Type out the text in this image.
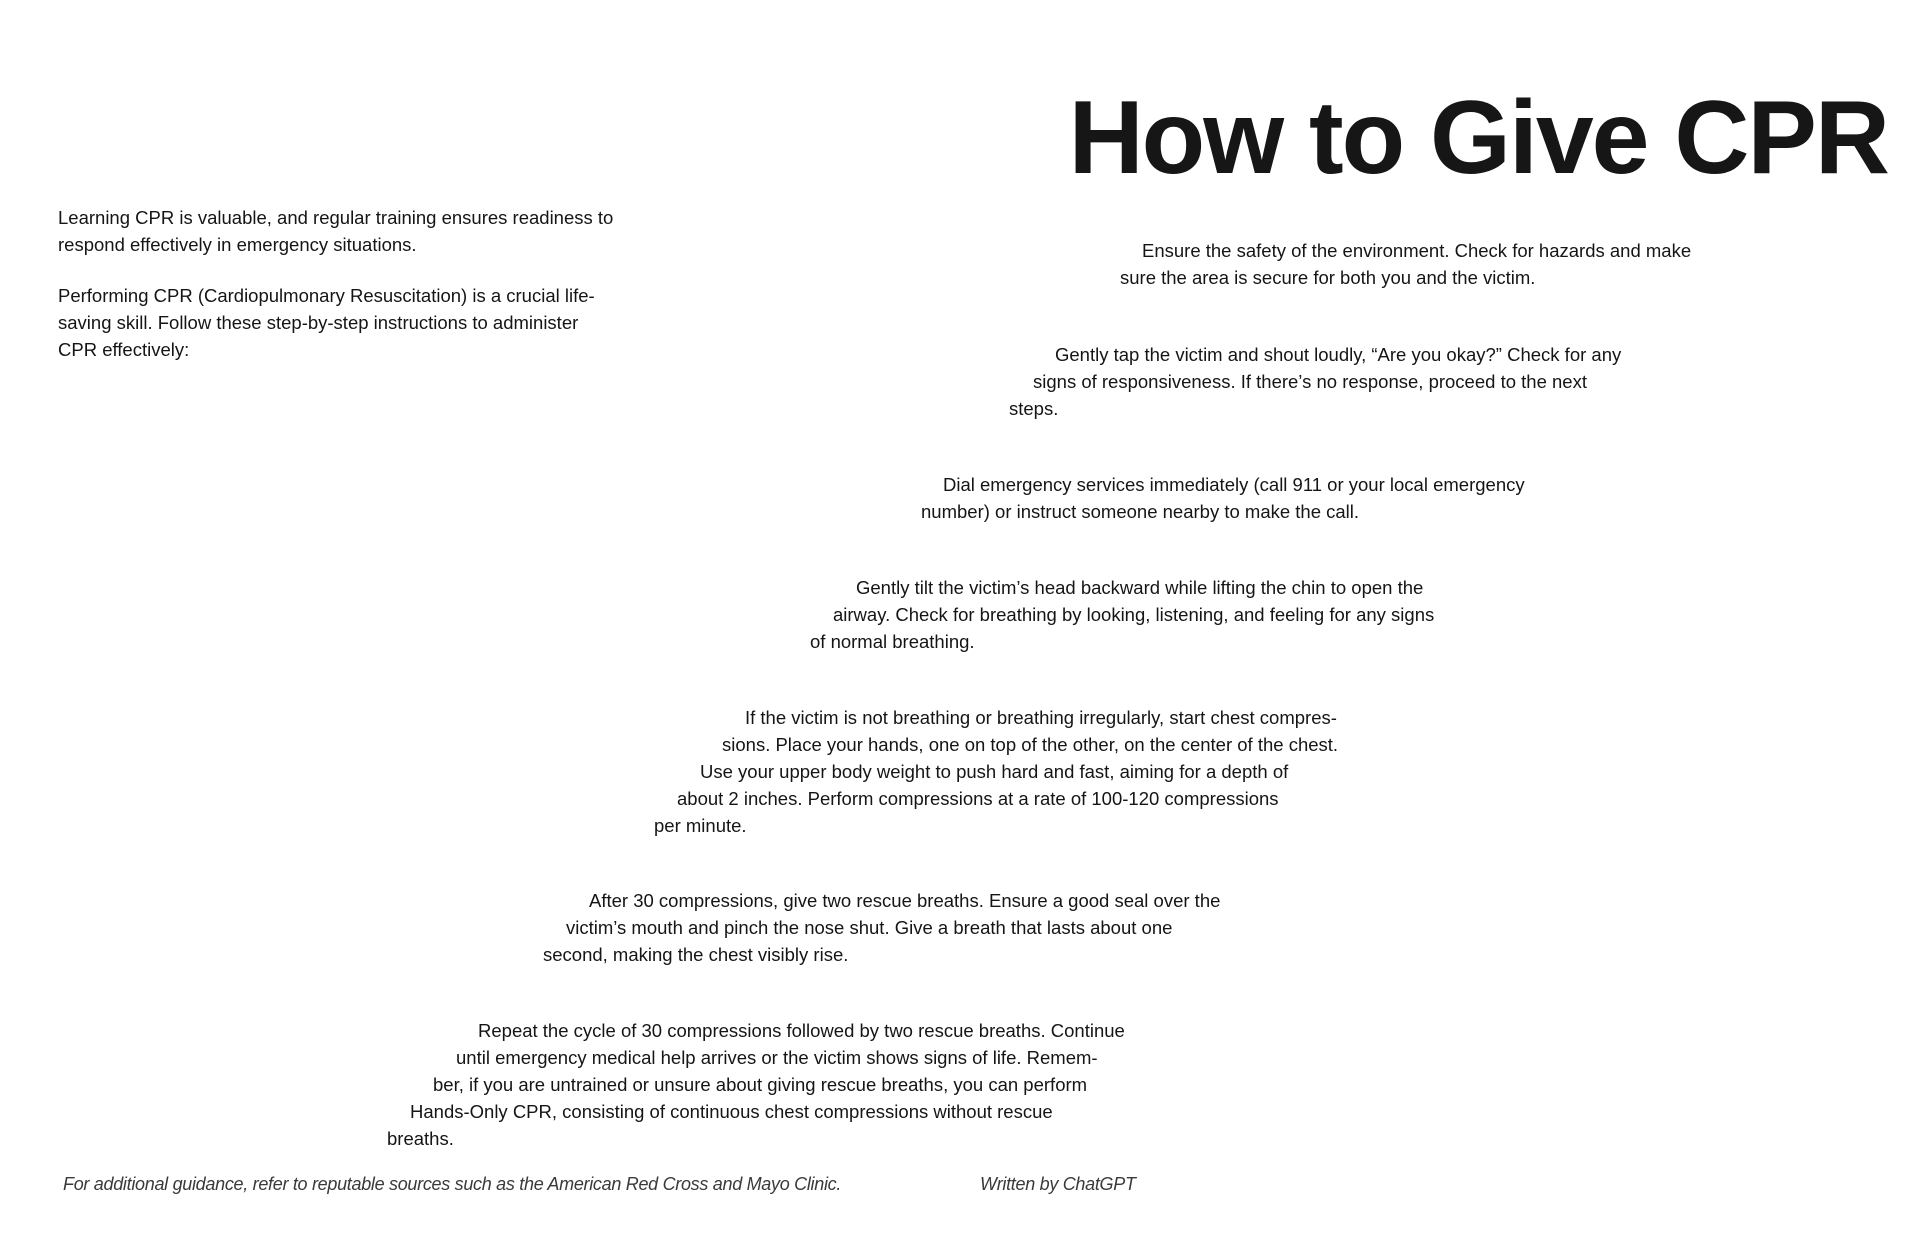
How to Give CPR

Learning CPR is valuable, and regular training ensures readiness to
respond effectively in emergency situations.

Performing CPR (Cardiopulmonary Resuscitation) is a crucial life-
saving skill. Follow these step-by-step instructions to administer
CPR effectively:

Ensure the safety of the environment. Check for hazards and make
sure the area is secure for both you and the victim.
Gently tap the victim and shout loudly, “Are you okay?” Check for any
signs of responsiveness. If there’s no response, proceed to the next
steps.
Dial emergency services immediately (call 911 or your local emergency
number) or instruct someone nearby to make the call.
Gently tilt the victim’s head backward while lifting the chin to open the
airway. Check for breathing by looking, listening, and feeling for any signs
of normal breathing.
If the victim is not breathing or breathing irregularly, start chest compres-
sions. Place your hands, one on top of the other, on the center of the chest.
Use your upper body weight to push hard and fast, aiming for a depth of
about 2 inches. Perform compressions at a rate of 100-120 compressions
per minute.
After 30 compressions, give two rescue breaths. Ensure a good seal over the
victim’s mouth and pinch the nose shut. Give a breath that lasts about one
second, making the chest visibly rise.
Repeat the cycle of 30 compressions followed by two rescue breaths. Continue
until emergency medical help arrives or the victim shows signs of life. Remem-
ber, if you are untrained or unsure about giving rescue breaths, you can perform
Hands-Only CPR, consisting of continuous chest compressions without rescue
breaths.
For additional guidance, refer to reputable sources such as the American Red Cross and Mayo Clinic.	Written by ChatGPT
